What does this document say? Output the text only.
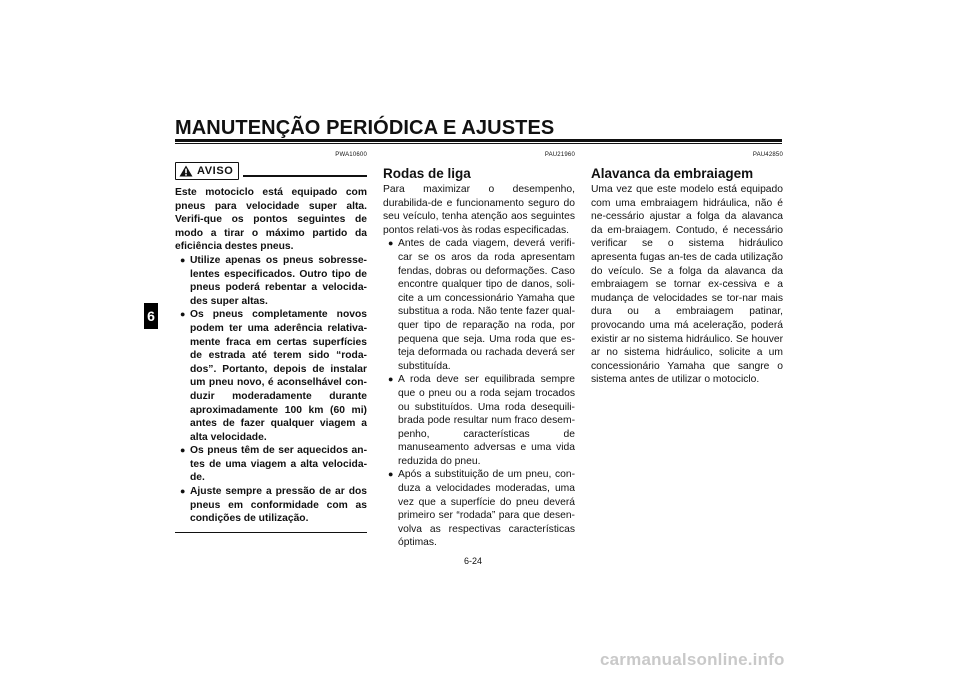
MANUTENÇÃO PERIÓDICA E AJUSTES
6
PWA10600
AVISO

Este motociclo está equipado com pneus para velocidade super alta. Verifi-que os pontos seguintes de modo a tirar o máximo partido da eficiência destes pneus.

● Utilize apenas os pneus sobresse-lentes especificados. Outro tipo de pneus poderá rebentar a velocida-des super altas.
● Os pneus completamente novos podem ter uma aderência relativa-mente fraca em certas superfícies de estrada até terem sido “roda-dos”. Portanto, depois de instalar um pneu novo, é aconselhável con-duzir moderadamente durante aproximadamente 100 km (60 mi) antes de fazer qualquer viagem a alta velocidade.
● Os pneus têm de ser aquecidos an-tes de uma viagem a alta velocida-de.
● Ajuste sempre a pressão de ar dos pneus em conformidade com as condições de utilização.
PAU21960
Rodas de liga

Para maximizar o desempenho, durabilida-de e funcionamento seguro do seu veículo, tenha atenção aos seguintes pontos relati-vos às rodas especificadas.

● Antes de cada viagem, deverá verifi-car se os aros da roda apresentam fendas, dobras ou deformações. Caso encontre qualquer tipo de danos, soli-cite a um concessionário Yamaha que substitua a roda. Não tente fazer qual-quer tipo de reparação na roda, por pequena que seja. Uma roda que es-teja deformada ou rachada deverá ser substituída.
● A roda deve ser equilibrada sempre que o pneu ou a roda sejam trocados ou substituídos. Uma roda desequili-brada pode resultar num fraco desem-penho, características de manuseamento adversas e uma vida reduzida do pneu.
● Após a substituição de um pneu, con-duza a velocidades moderadas, uma vez que a superfície do pneu deverá primeiro ser “rodada” para que desen-volva as respectivas características óptimas.
PAU42850
Alavanca da embraiagem

Uma vez que este modelo está equipado com uma embraiagem hidráulica, não é ne-cessário ajustar a folga da alavanca da em-braiagem. Contudo, é necessário verificar se o sistema hidráulico apresenta fugas an-tes de cada utilização do veículo. Se a folga da alavanca da embraiagem se tornar ex-cessiva e a mudança de velocidades se tor-nar mais dura ou a embraiagem patinar, provocando uma má aceleração, poderá existir ar no sistema hidráulico. Se houver ar no sistema hidráulico, solicite a um concessionário Yamaha que sangre o sistema antes de utilizar o motociclo.

6-24
carmanualsonline.info
